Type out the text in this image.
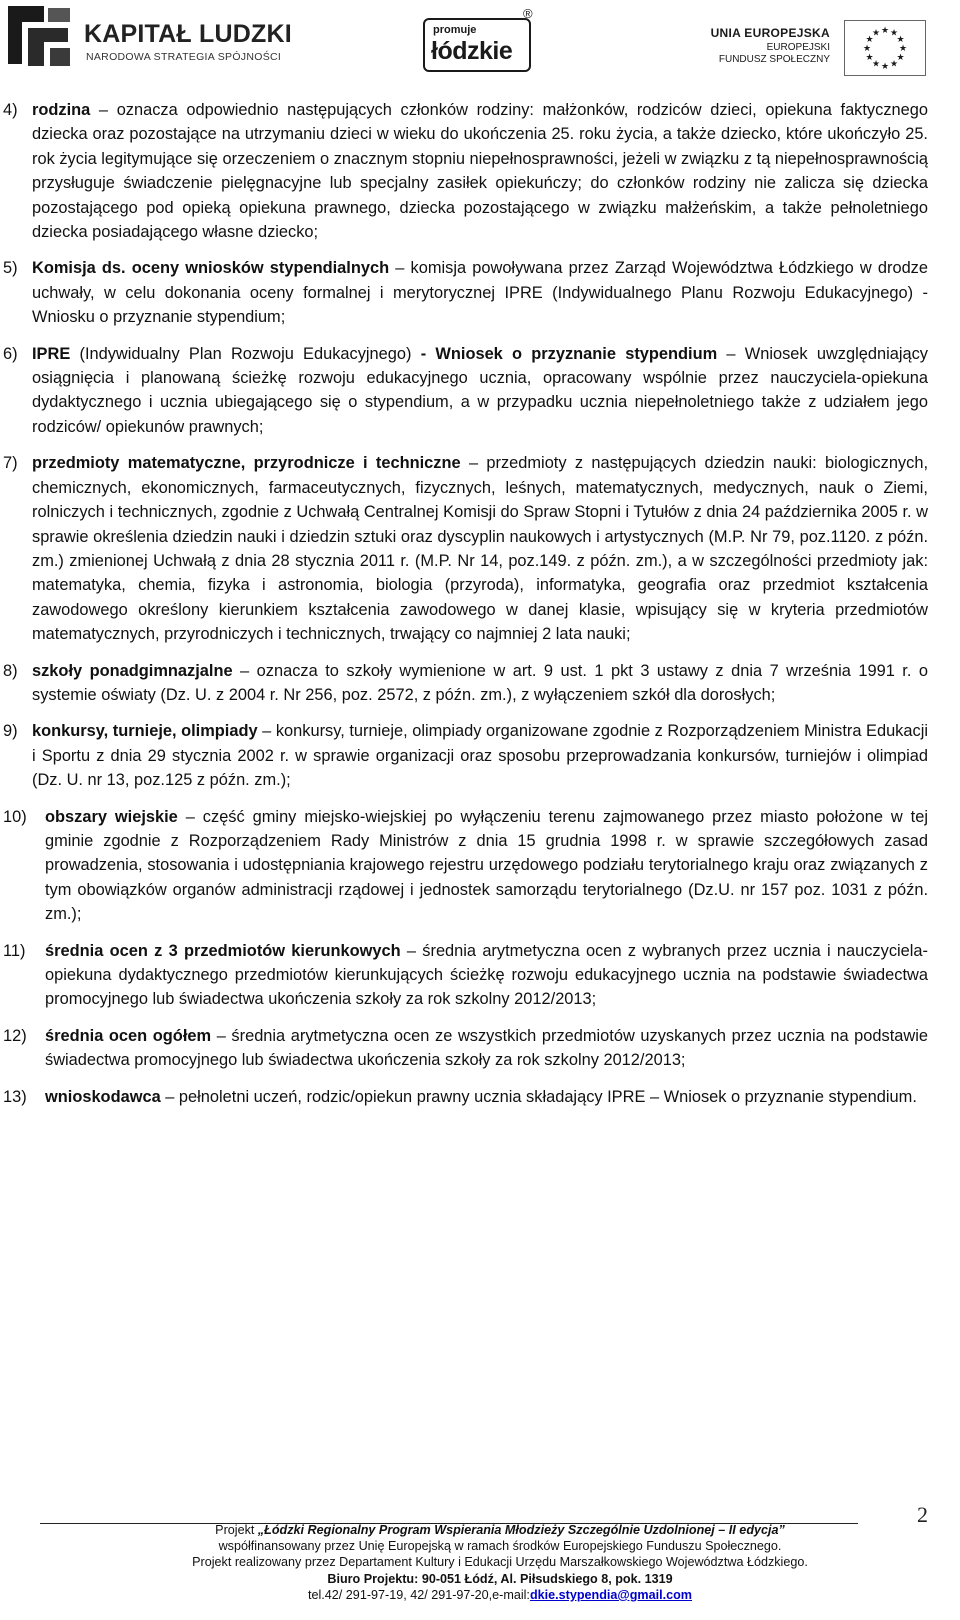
KAPITAŁ LUDZKI
NARODOWA STRATEGIA SPÓJNOŚCI
promuje
łódzkie
®
UNIA EUROPEJSKA
EUROPEJSKI
FUNDUSZ SPOŁECZNY
★ ★
★
★
★
★
★
★
★
★
★
★
4) rodzina – oznacza odpowiednio następujących członków rodziny: małżonków, rodziców dzieci, opiekuna faktycznego dziecka oraz pozostające na utrzymaniu dzieci w wieku do ukończenia 25. roku życia, a także dziecko, które ukończyło 25. rok życia legitymujące się orzeczeniem o znacznym stopniu niepełnosprawności, jeżeli w związku z tą niepełnosprawnością przysługuje świadczenie pielęgnacyjne lub specjalny zasiłek opiekuńczy; do członków rodziny nie zalicza się dziecka pozostającego pod opieką opiekuna prawnego, dziecka pozostającego w związku małżeńskim, a także pełnoletniego dziecka posiadającego własne dziecko;
5) Komisja ds. oceny wniosków stypendialnych – komisja powoływana przez Zarząd Województwa Łódzkiego w drodze uchwały, w celu dokonania oceny formalnej i merytorycznej IPRE (Indywidualnego Planu Rozwoju Edukacyjnego) - Wniosku o przyznanie stypendium;
6) IPRE (Indywidualny Plan Rozwoju Edukacyjnego) - Wniosek o przyznanie stypendium – Wniosek uwzględniający osiągnięcia i planowaną ścieżkę rozwoju edukacyjnego ucznia, opracowany wspólnie przez nauczyciela-opiekuna dydaktycznego i ucznia ubiegającego się o stypendium, a w przypadku ucznia niepełnoletniego także z udziałem jego rodziców/ opiekunów prawnych;
7) przedmioty matematyczne, przyrodnicze i techniczne – przedmioty z następujących dziedzin nauki: biologicznych, chemicznych, ekonomicznych, farmaceutycznych, fizycznych, leśnych, matematycznych, medycznych, nauk o Ziemi, rolniczych i technicznych, zgodnie z Uchwałą Centralnej Komisji do Spraw Stopni i Tytułów z dnia 24 października 2005 r. w sprawie określenia dziedzin nauki i dziedzin sztuki oraz dyscyplin naukowych i artystycznych (M.P. Nr 79, poz.1120. z późn. zm.) zmienionej Uchwałą z dnia 28 stycznia 2011 r. (M.P. Nr 14, poz.149. z późn. zm.), a w szczególności przedmioty jak: matematyka, chemia, fizyka i astronomia, biologia (przyroda), informatyka, geografia oraz przedmiot kształcenia zawodowego określony kierunkiem kształcenia zawodowego w danej klasie, wpisujący się w kryteria przedmiotów matematycznych, przyrodniczych i technicznych, trwający co najmniej 2 lata nauki;
8) szkoły ponadgimnazjalne – oznacza to szkoły wymienione w art. 9 ust. 1 pkt 3 ustawy z dnia 7 września 1991 r. o systemie oświaty (Dz. U. z 2004 r. Nr 256, poz. 2572, z późn. zm.), z wyłączeniem szkół dla dorosłych;
9) konkursy, turnieje, olimpiady – konkursy, turnieje, olimpiady organizowane zgodnie z Rozporządzeniem Ministra Edukacji i Sportu z dnia 29 stycznia 2002 r. w sprawie organizacji oraz sposobu przeprowadzania konkursów, turniejów i olimpiad (Dz. U. nr 13, poz.125 z późn. zm.);
10) obszary wiejskie – część gminy miejsko-wiejskiej po wyłączeniu terenu zajmowanego przez miasto położone w tej gminie zgodnie z Rozporządzeniem Rady Ministrów z dnia 15 grudnia 1998 r. w sprawie szczegółowych zasad prowadzenia, stosowania i udostępniania krajowego rejestru urzędowego podziału terytorialnego kraju oraz związanych z tym obowiązków organów administracji rządowej i jednostek samorządu terytorialnego (Dz.U. nr 157 poz. 1031 z późn. zm.);
11) średnia ocen z 3 przedmiotów kierunkowych – średnia arytmetyczna ocen z wybranych przez ucznia i nauczyciela-opiekuna dydaktycznego przedmiotów kierunkujących ścieżkę rozwoju edukacyjnego ucznia na podstawie świadectwa promocyjnego lub świadectwa ukończenia szkoły za rok szkolny 2012/2013;
12) średnia ocen ogółem – średnia arytmetyczna ocen ze wszystkich przedmiotów uzyskanych przez ucznia na podstawie świadectwa promocyjnego lub świadectwa ukończenia szkoły za rok szkolny 2012/2013;
13) wnioskodawca – pełnoletni uczeń, rodzic/opiekun prawny ucznia składający IPRE – Wniosek o przyznanie stypendium.
2
Projekt „Łódzki Regionalny Program Wspierania Młodzieży Szczególnie Uzdolnionej – II edycja”
współfinansowany przez Unię Europejską w ramach środków Europejskiego Funduszu Społecznego.
Projekt realizowany przez Departament Kultury i Edukacji Urzędu Marszałkowskiego Województwa Łódzkiego.
Biuro Projektu: 90-051 Łódź, Al. Piłsudskiego 8, pok. 1319
tel.42/ 291-97-19, 42/ 291-97-20,e-mail:dkie.stypendia@gmail.com
